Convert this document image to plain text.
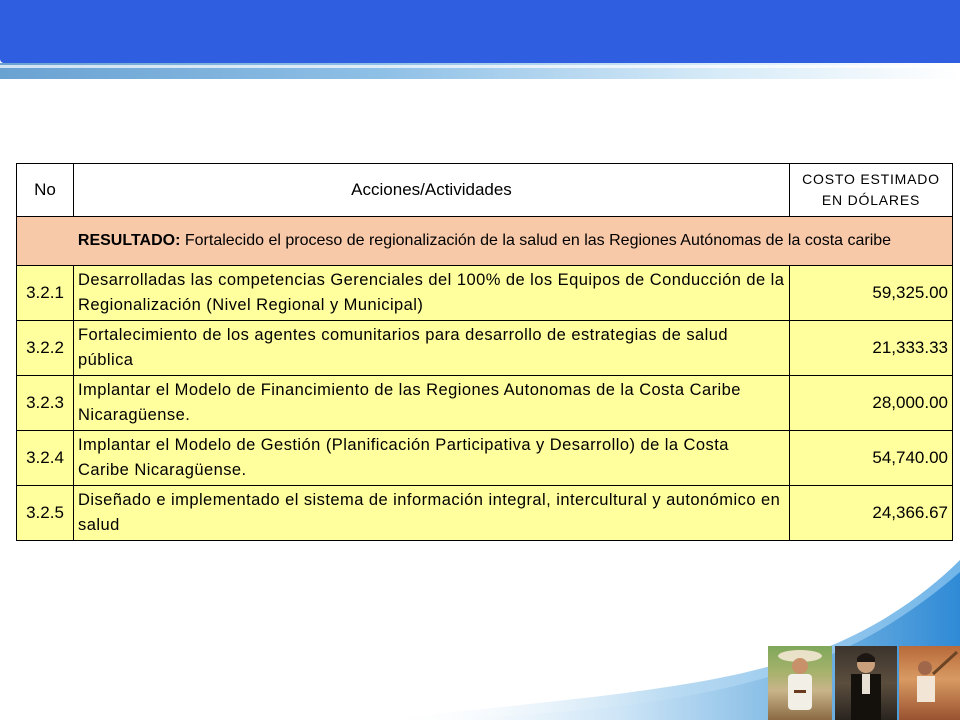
No	Acciones/Actividades	COSTO ESTIMADO
EN DÓLARES
RESULTADO: Fortalecido el proceso de regionalización de la salud en las Regiones Autónomas de la costa caribe		
3.2.1	Desarrolladas las competencias Gerenciales del 100% de los Equipos de Conducción de la Regionalización (Nivel Regional y Municipal)	59,325.00
3.2.2	Fortalecimiento de los agentes comunitarios para desarrollo de estrategias de salud pública	21,333.33
3.2.3	Implantar el Modelo de Financimiento de las Regiones Autonomas de la Costa Caribe Nicaragüense.	28,000.00
3.2.4	Implantar el Modelo de Gestión (Planificación Participativa y Desarrollo) de la Costa Caribe Nicaragüense.	54,740.00
3.2.5	Diseñado e implementado el sistema de información integral, intercultural y autonómico en salud	24,366.67
